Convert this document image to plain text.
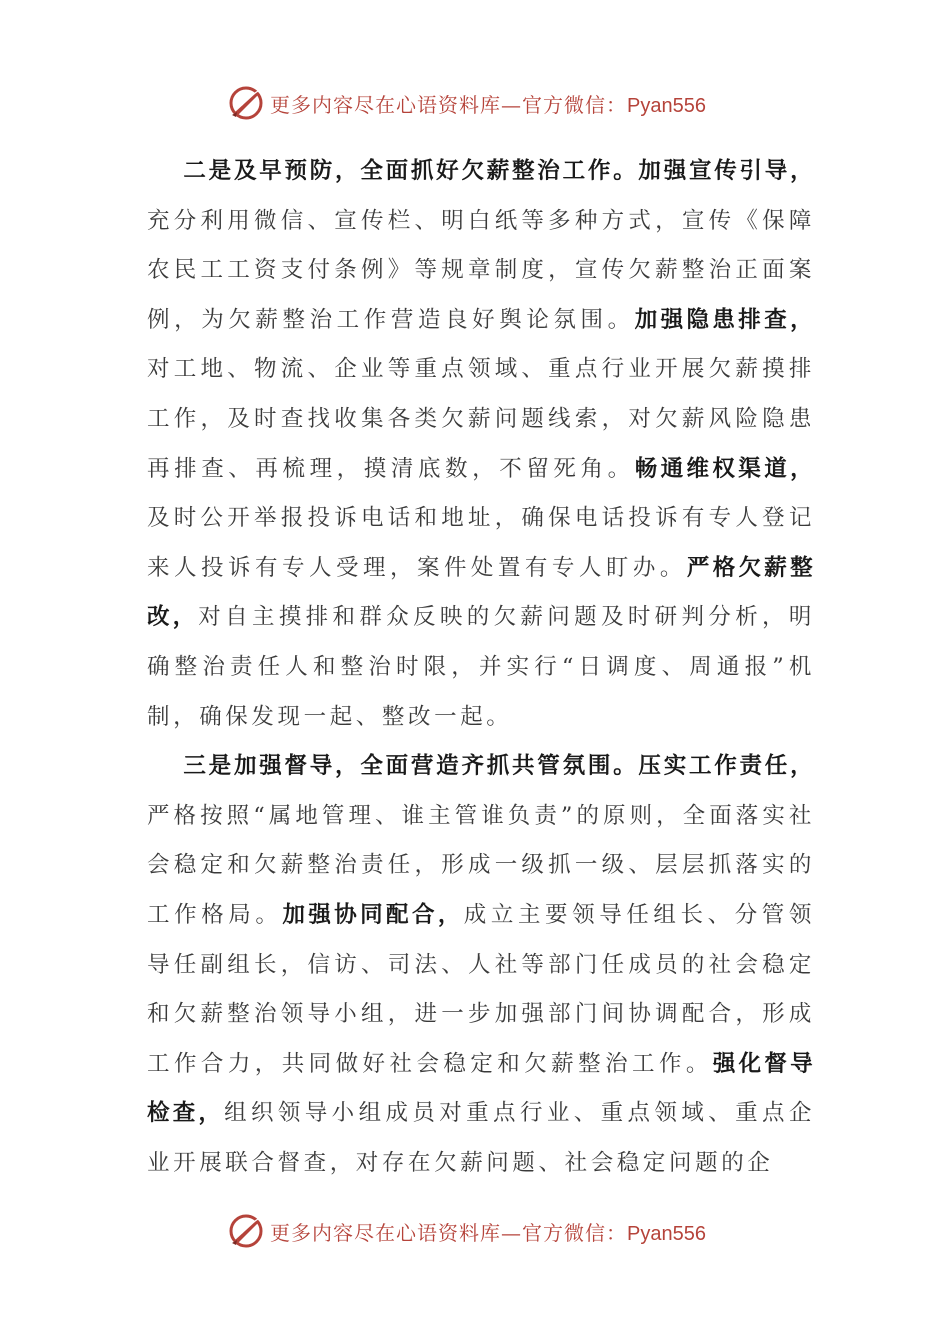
更多内容尽在心语资料库—官方微信：Pyan556

二是及早预防，全面抓好欠薪整治工作。加强宣传引导，充分利用微信、宣传栏、明白纸等多种方式，宣传《保障农民工工资支付条例》等规章制度，宣传欠薪整治正面案例，为欠薪整治工作营造良好舆论氛围。加强隐患排查，对工地、物流、企业等重点领域、重点行业开展欠薪摸排工作，及时查找收集各类欠薪问题线索，对欠薪风险隐患再排查、再梳理，摸清底数，不留死角。畅通维权渠道，及时公开举报投诉电话和地址，确保电话投诉有专人登记来人投诉有专人受理，案件处置有专人盯办。严格欠薪整改，对自主摸排和群众反映的欠薪问题及时研判分析，明确整治责任人和整治时限，并实行“日调度、周通报”机制，确保发现一起、整改一起。

三是加强督导，全面营造齐抓共管氛围。压实工作责任，严格按照“属地管理、谁主管谁负责”的原则，全面落实社会稳定和欠薪整治责任，形成一级抓一级、层层抓落实的工作格局。加强协同配合，成立主要领导任组长、分管领导任副组长，信访、司法、人社等部门任成员的社会稳定和欠薪整治领导小组，进一步加强部门间协调配合，形成工作合力，共同做好社会稳定和欠薪整治工作。强化督导检查，组织领导小组成员对重点行业、重点领域、重点企业开展联合督查，对存在欠薪问题、社会稳定问题的企

更多内容尽在心语资料库—官方微信：Pyan556
